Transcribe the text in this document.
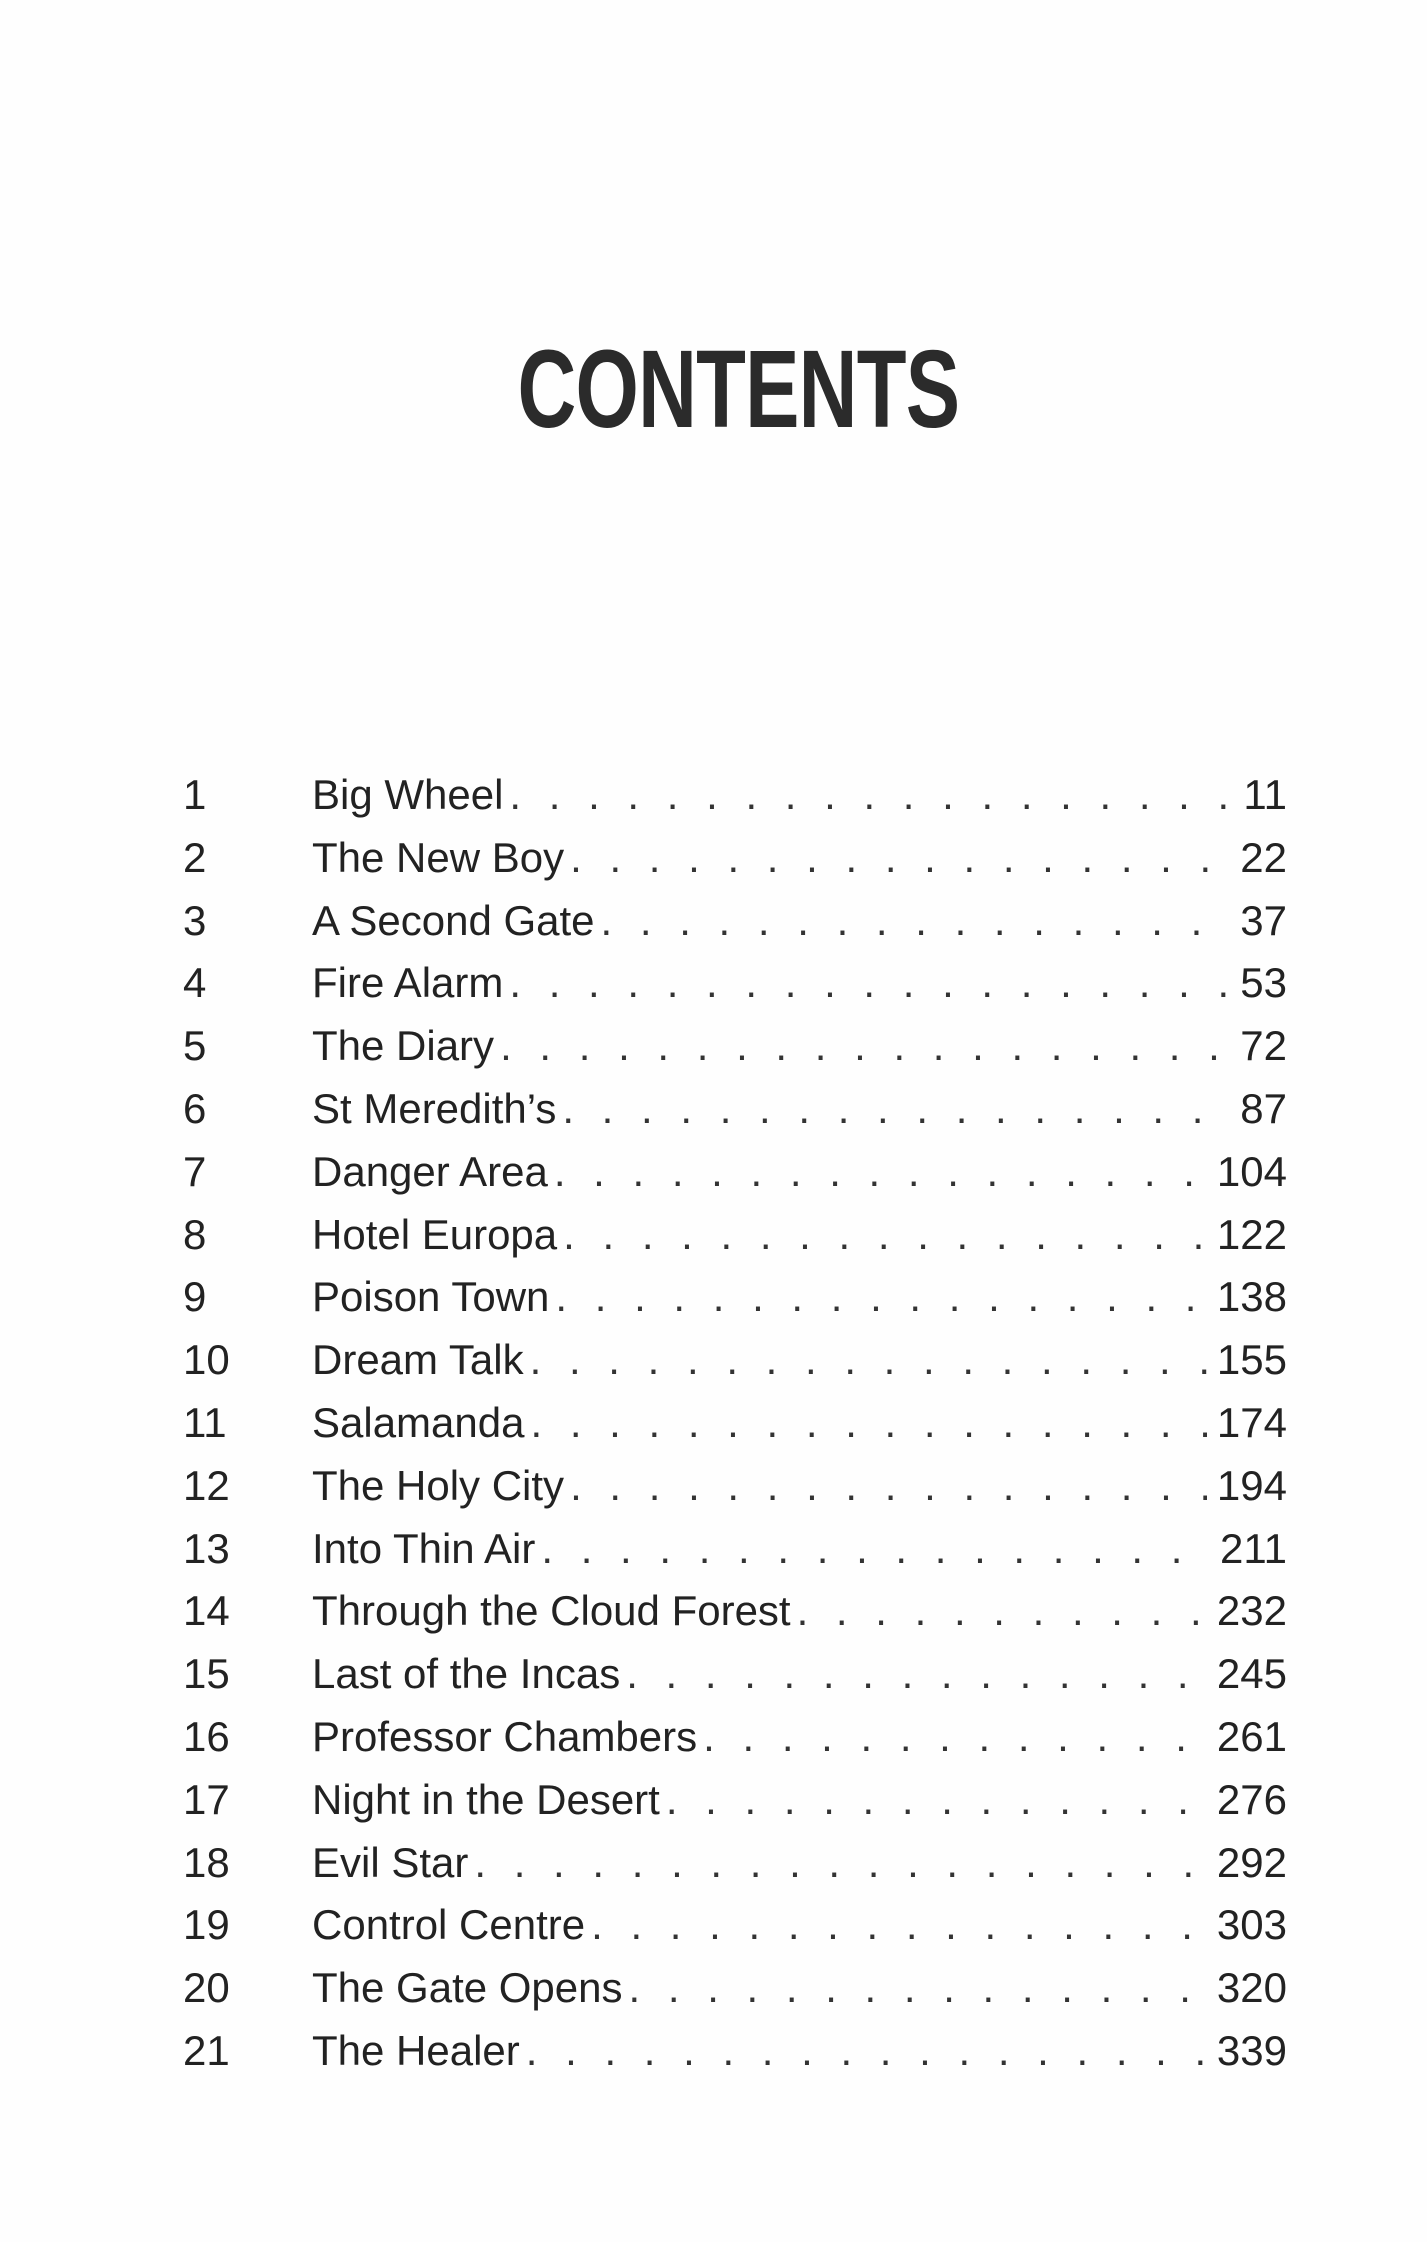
CONTENTS
1	Big Wheel . . .	11
2	The New Boy . . .	22
3	A Second Gate . . .	37
4	Fire Alarm . . .	53
5	The Diary . . .	72
6	St Meredith’s . . .	87
7	Danger Area . . .	104
8	Hotel Europa . . .	122
9	Poison Town . . .	138
10 Dream Talk . . .	155
11 Salamanda . . .	174
12 The Holy City . . .	194
13 Into Thin Air . . .	211
14 Through the Cloud Forest . . .	232
15 Last of the Incas . . .	245
16 Professor Chambers . . .	261
17 Night in the Desert . . .	276
18 Evil Star . . .	292
19 Control Centre . . .	303
20 The Gate Opens . . .	320
21 The Healer . . .	339
